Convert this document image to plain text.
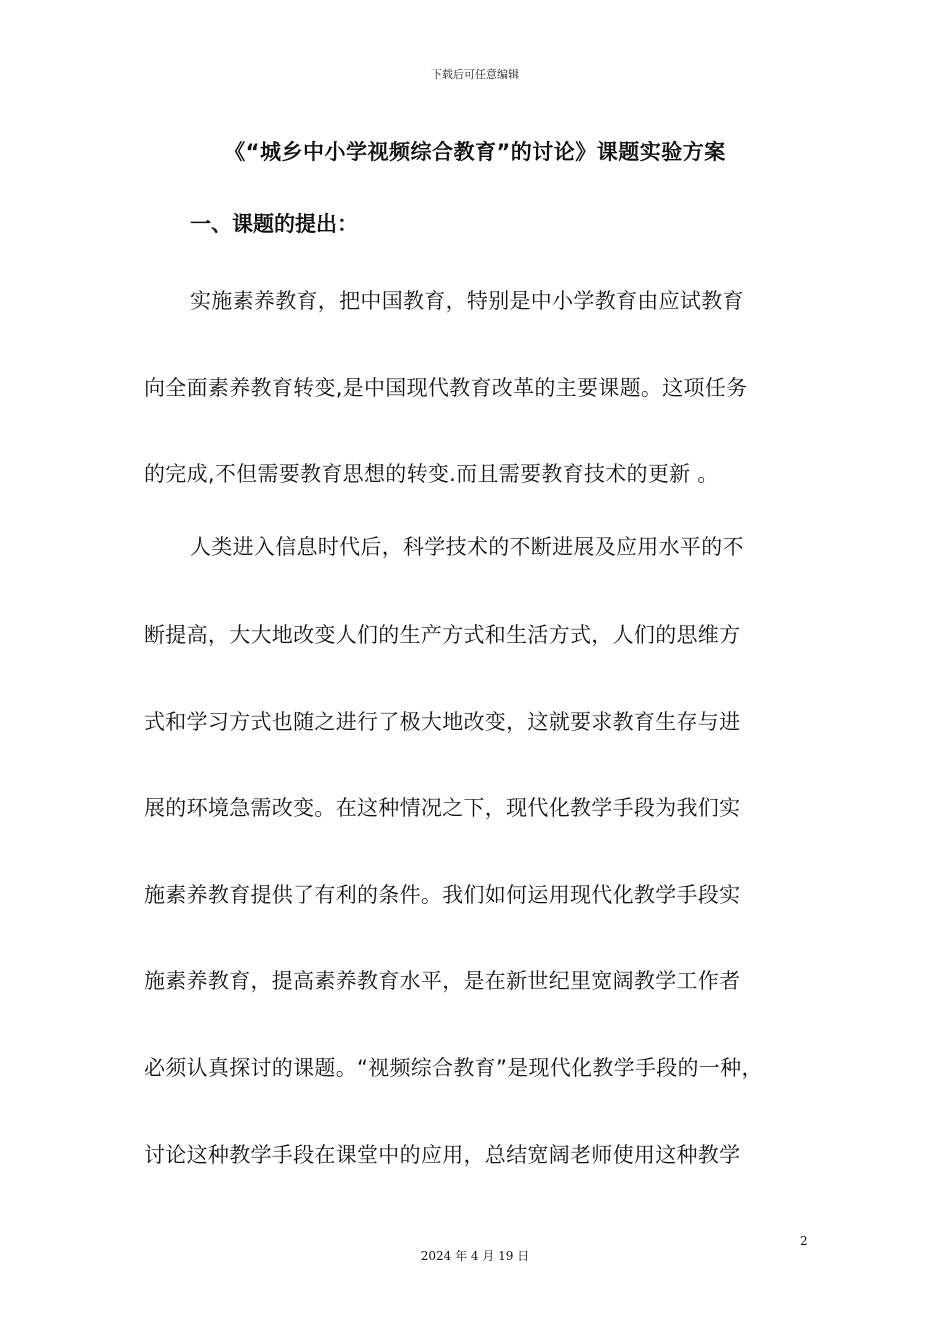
下载后可任意编辑
《“城乡中小学视频综合教育”的讨论》课题实验方案
一、课题的提出：
实施素养教育，把中国教育，特别是中小学教育由应试教育
向全面素养教育转变,是中国现代教育改革的主要课题。这项任务
的完成,不但需要教育思想的转变.而且需要教育技术的更新 。
人类进入信息时代后，科学技术的不断进展及应用水平的不
断提高，大大地改变人们的生产方式和生活方式，人们的思维方
式和学习方式也随之进行了极大地改变，这就要求教育生存与进
展的环境急需改变。在这种情况之下，现代化教学手段为我们实
施素养教育提供了有利的条件。我们如何运用现代化教学手段实
施素养教育，提高素养教育水平，是在新世纪里宽阔教学工作者
必须认真探讨的课题。“视频综合教育”是现代化教学手段的一种，
讨论这种教学手段在课堂中的应用，总结宽阔老师使用这种教学
2
2024 年 4 月 19 日
